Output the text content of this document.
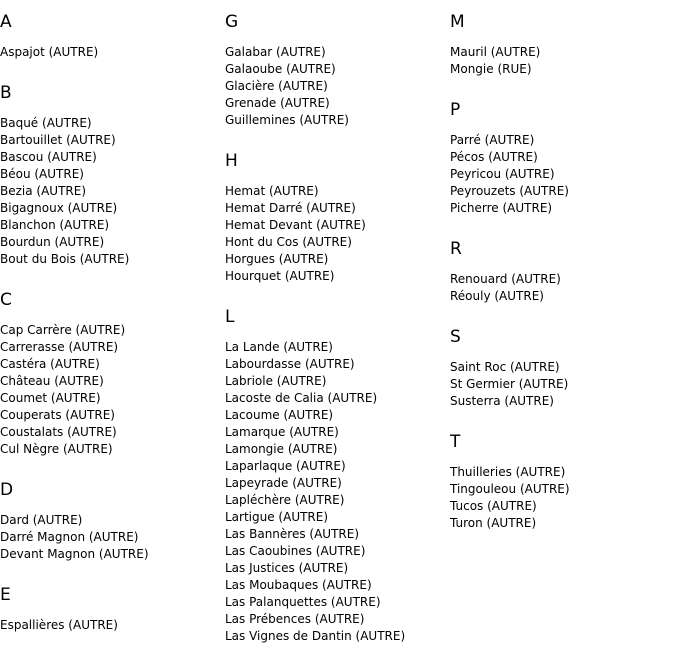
A
Aspajot (AUTRE)
B
Baqué (AUTRE)
Bartouillet (AUTRE)
Bascou (AUTRE)
Béou (AUTRE)
Bezia (AUTRE)
Bigagnoux (AUTRE)
Blanchon (AUTRE)
Bourdun (AUTRE)
Bout du Bois (AUTRE)
C
Cap Carrère (AUTRE)
Carrerasse (AUTRE)
Castéra (AUTRE)
Château (AUTRE)
Coumet (AUTRE)
Couperats (AUTRE)
Coustalats (AUTRE)
Cul Nègre (AUTRE)
D
Dard (AUTRE)
Darré Magnon (AUTRE)
Devant Magnon (AUTRE)
E
Espallières (AUTRE)
G
Galabar (AUTRE)
Galaoube (AUTRE)
Glacière (AUTRE)
Grenade (AUTRE)
Guillemines (AUTRE)
H
Hemat (AUTRE)
Hemat Darré (AUTRE)
Hemat Devant (AUTRE)
Hont du Cos (AUTRE)
Horgues (AUTRE)
Hourquet (AUTRE)
L
La Lande (AUTRE)
Labourdasse (AUTRE)
Labriole (AUTRE)
Lacoste de Calia (AUTRE)
Lacoume (AUTRE)
Lamarque (AUTRE)
Lamongie (AUTRE)
Laparlaque (AUTRE)
Lapeyrade (AUTRE)
Lapléchère (AUTRE)
Lartigue (AUTRE)
Las Bannères (AUTRE)
Las Caoubines (AUTRE)
Las Justices (AUTRE)
Las Moubaques (AUTRE)
Las Palanquettes (AUTRE)
Las Prébences (AUTRE)
Las Vignes de Dantin (AUTRE)
M
Mauril (AUTRE)
Mongie (RUE)
P
Parré (AUTRE)
Pécos (AUTRE)
Peyricou (AUTRE)
Peyrouzets (AUTRE)
Picherre (AUTRE)
R
Renouard (AUTRE)
Réouly (AUTRE)
S
Saint Roc (AUTRE)
St Germier (AUTRE)
Susterra (AUTRE)
T
Thuilleries (AUTRE)
Tingouleou (AUTRE)
Tucos (AUTRE)
Turon (AUTRE)
